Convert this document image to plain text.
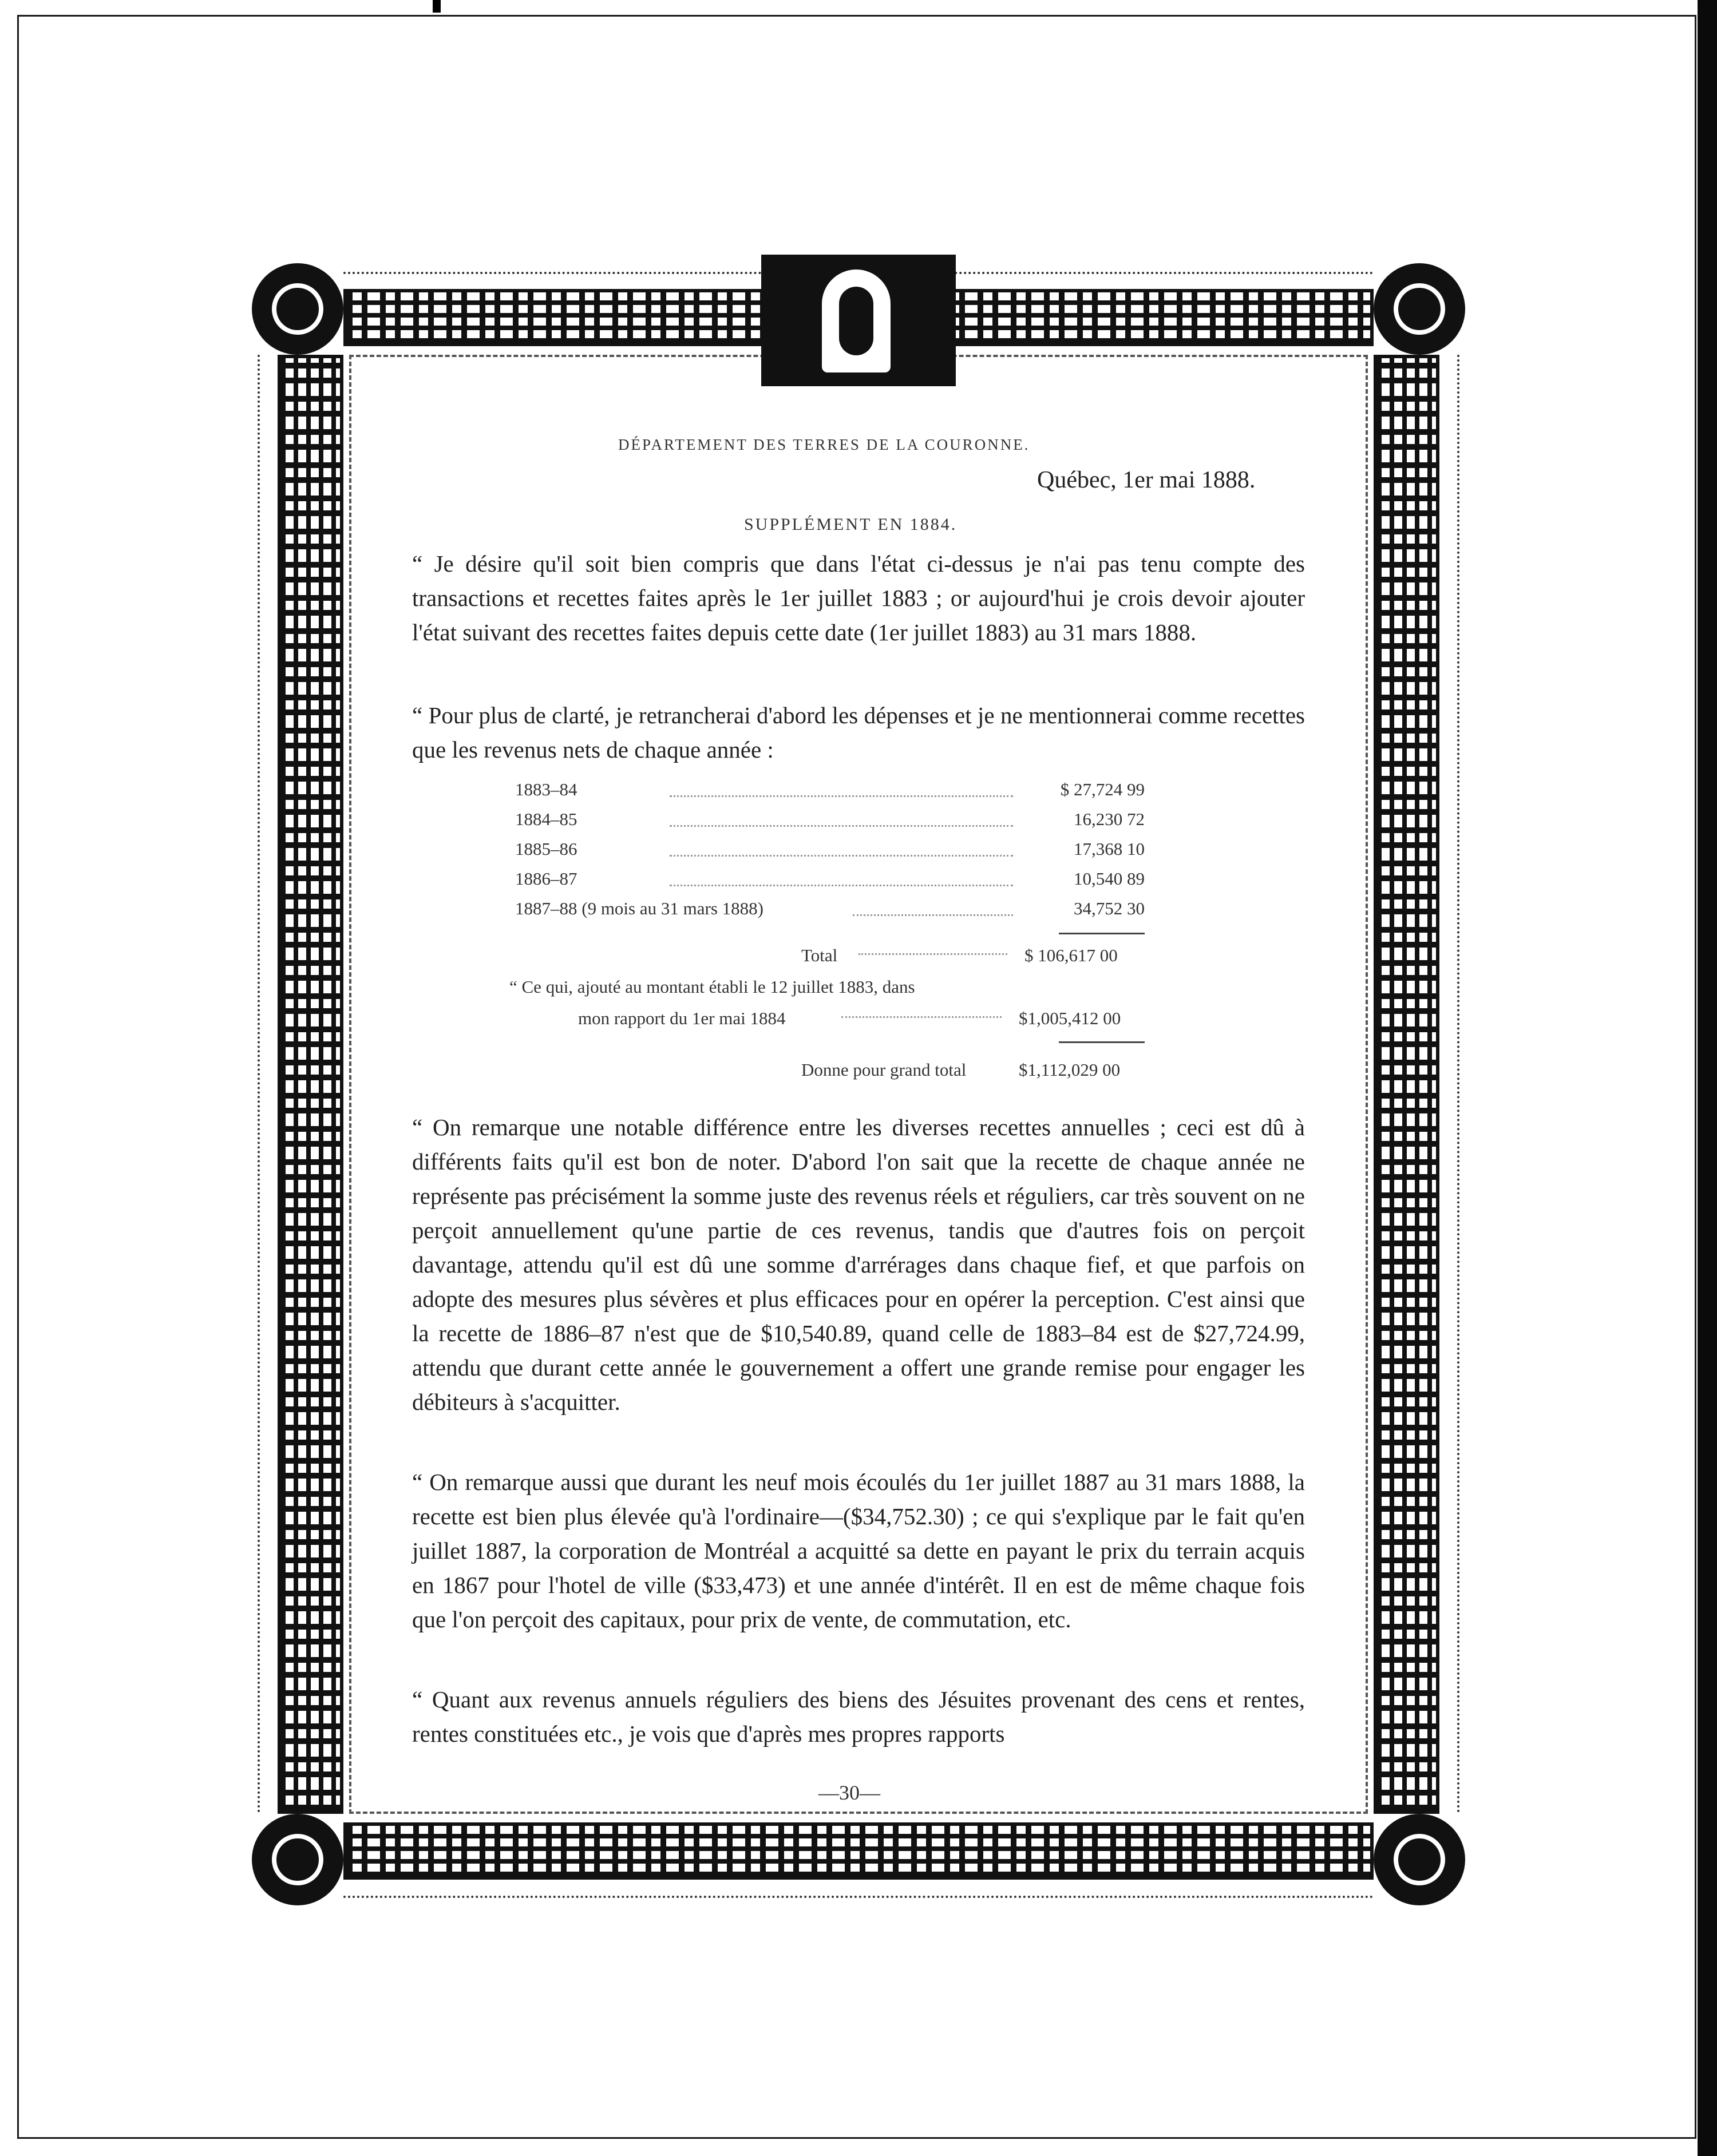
DÉPARTEMENT DES TERRES DE LA COURONNE.
Québec, 1er mai 1888.
SUPPLÉMENT EN 1884.

“ Je désire qu'il soit bien compris que dans l'état ci-dessus je n'ai pas tenu compte des transactions et recettes faites après le 1er juillet 1883 ; or aujourd'hui je crois devoir ajouter l'état suivant des recettes faites depuis cette date (1er juillet 1883) au 31 mars 1888.

“ Pour plus de clarté, je retrancherai d'abord les dépenses et je ne mentionnerai comme recettes que les revenus nets de chaque année :

1883–84	$ 27,724 99
1884–85	16,230 72
1885–86	17,368 10
1886–87	10,540 89
1887–88 (9 mois au 31 mars 1888)	34,752 30
Total	$ 106,617 00
“ Ce qui, ajouté au montant établi le 12 juillet 1883, dans
mon rapport du 1er mai 1884	$1,005,412 00
Donne pour grand total	$1,112,029 00

“ On remarque une notable différence entre les diverses recettes annuelles ; ceci est dû à différents faits qu'il est bon de noter. D'abord l'on sait que la recette de chaque année ne représente pas précisément la somme juste des revenus réels et réguliers, car très souvent on ne perçoit annuellement qu'une partie de ces revenus, tandis que d'autres fois on perçoit davantage, attendu qu'il est dû une somme d'arrérages dans chaque fief, et que parfois on adopte des mesures plus sévères et plus efficaces pour en opérer la perception. C'est ainsi que la recette de 1886–87 n'est que de $10,540.89, quand celle de 1883–84 est de $27,724.99, attendu que durant cette année le gouvernement a offert une grande remise pour engager les débiteurs à s'acquitter.

“ On remarque aussi que durant les neuf mois écoulés du 1er juillet 1887 au 31 mars 1888, la recette est bien plus élevée qu'à l'ordinaire—($34,752.30) ; ce qui s'explique par le fait qu'en juillet 1887, la corporation de Montréal a acquitté sa dette en payant le prix du terrain acquis en 1867 pour l'hotel de ville ($33,473) et une année d'intérêt. Il en est de même chaque fois que l'on perçoit des capitaux, pour prix de vente, de commutation, etc.

“ Quant aux revenus annuels réguliers des biens des Jésuites provenant des cens et rentes, rentes constituées etc., je vois que d'après mes propres rapports

—30—
